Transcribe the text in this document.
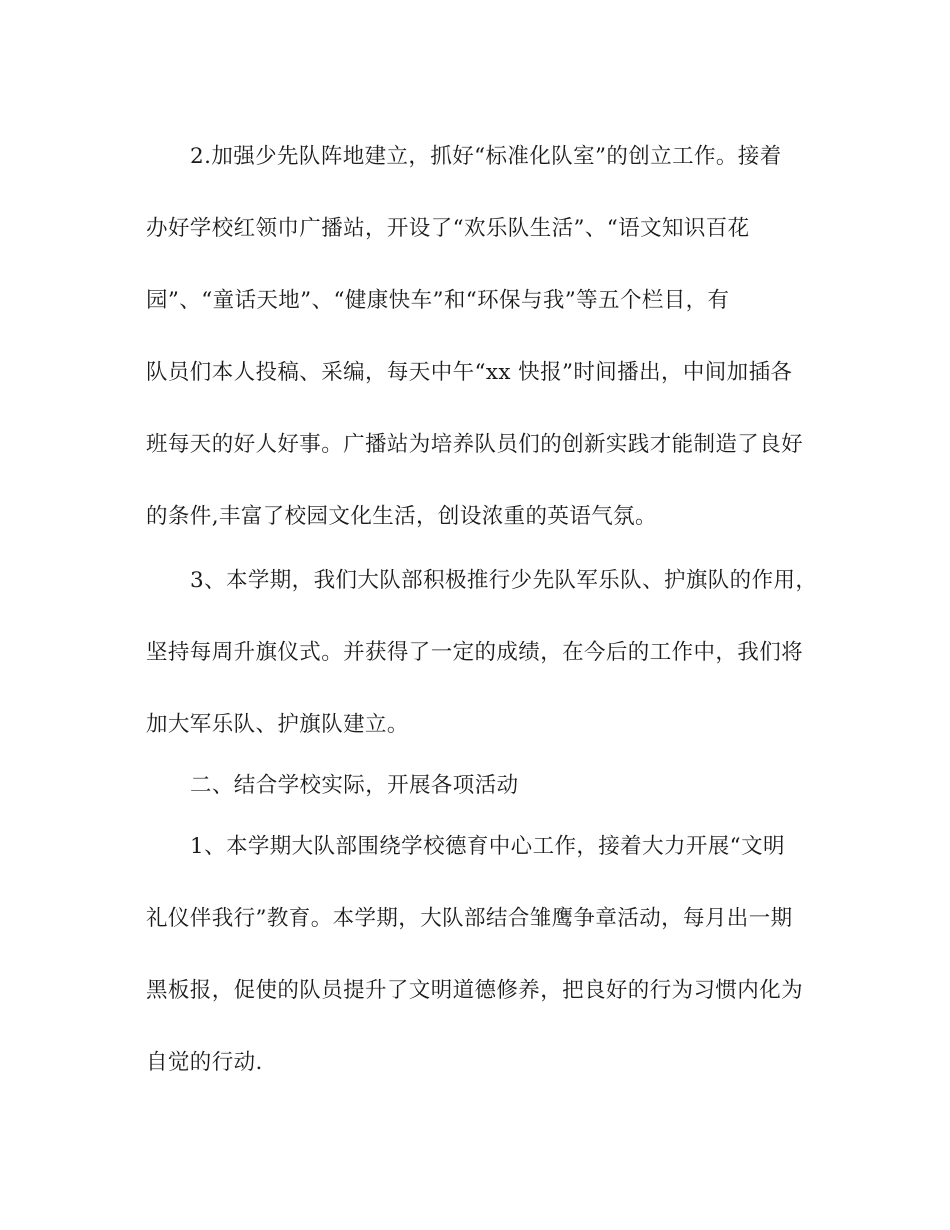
2.加强少先队阵地建立，抓好“标准化队室”的创立工作。接着
办好学校红领巾广播站，开设了“欢乐队生活”、“语文知识百花
园”、“童话天地”、“健康快车”和“环保与我”等五个栏目，有
队员们本人投稿、采编，每天中午“xx 快报”时间播出，中间加插各
班每天的好人好事。广播站为培养队员们的创新实践才能制造了良好
的条件,丰富了校园文化生活，创设浓重的英语气氛。
3、本学期，我们大队部积极推行少先队军乐队、护旗队的作用，
坚持每周升旗仪式。并获得了一定的成绩，在今后的工作中，我们将
加大军乐队、护旗队建立。
二、结合学校实际，开展各项活动
1、本学期大队部围绕学校德育中心工作，接着大力开展“文明
礼仪伴我行”教育。本学期，大队部结合雏鹰争章活动，每月出一期
黑板报，促使的队员提升了文明道德修养，把良好的行为习惯内化为
自觉的行动.
